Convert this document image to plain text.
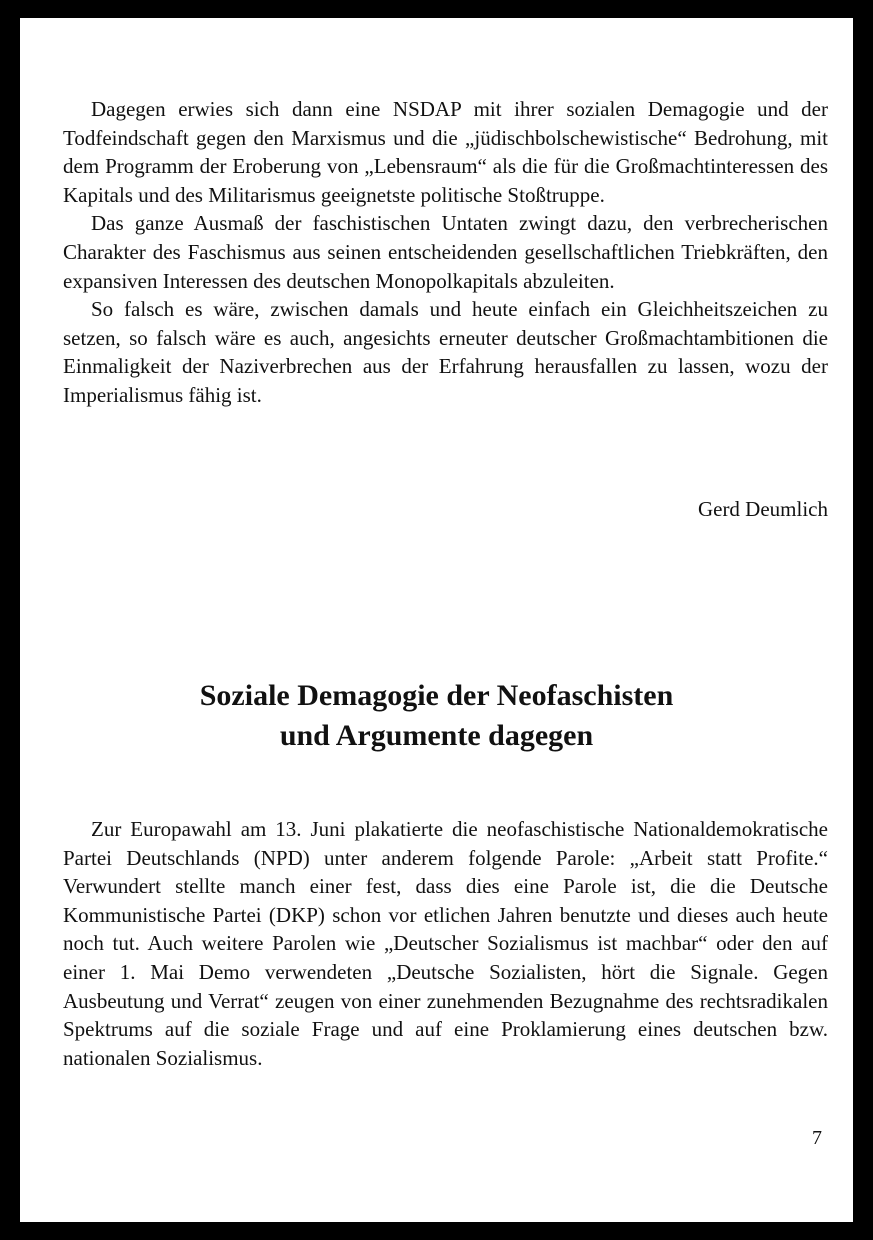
Dagegen erwies sich dann eine NSDAP mit ihrer sozialen Demagogie und der Todfeindschaft gegen den Marxismus und die „jüdischbolschewistische“ Bedrohung, mit dem Programm der Eroberung von „Lebensraum“ als die für die Großmachtinteressen des Kapitals und des Militarismus geeignetste politische Stoßtruppe.

Das ganze Ausmaß der faschistischen Untaten zwingt dazu, den verbrecherischen Charakter des Faschismus aus seinen entscheidenden gesellschaftlichen Triebkräften, den expansiven Interessen des deutschen Monopolkapitals abzuleiten.

So falsch es wäre, zwischen damals und heute einfach ein Gleichheitszeichen zu setzen, so falsch wäre es auch, angesichts erneuter deutscher Großmachtambitionen die Einmaligkeit der Naziverbrechen aus der Erfahrung herausfallen zu lassen, wozu der Imperialismus fähig ist.

Gerd Deumlich
Soziale Demagogie der Neofaschisten
und Argumente dagegen

Zur Europawahl am 13. Juni plakatierte die neofaschistische Nationaldemokratische Partei Deutschlands (NPD) unter anderem folgende Parole: „Arbeit statt Profite.“ Verwundert stellte manch einer fest, dass dies eine Parole ist, die die Deutsche Kommunistische Partei (DKP) schon vor etlichen Jahren benutzte und dieses auch heute noch tut. Auch weitere Parolen wie „Deutscher Sozialismus ist machbar“ oder den auf einer 1. Mai Demo verwendeten „Deutsche Sozialisten, hört die Signale. Gegen Ausbeutung und Verrat“ zeugen von einer zunehmenden Bezugnahme des rechtsradikalen Spektrums auf die soziale Frage und auf eine Proklamierung eines deutschen bzw. nationalen Sozialismus.

7
